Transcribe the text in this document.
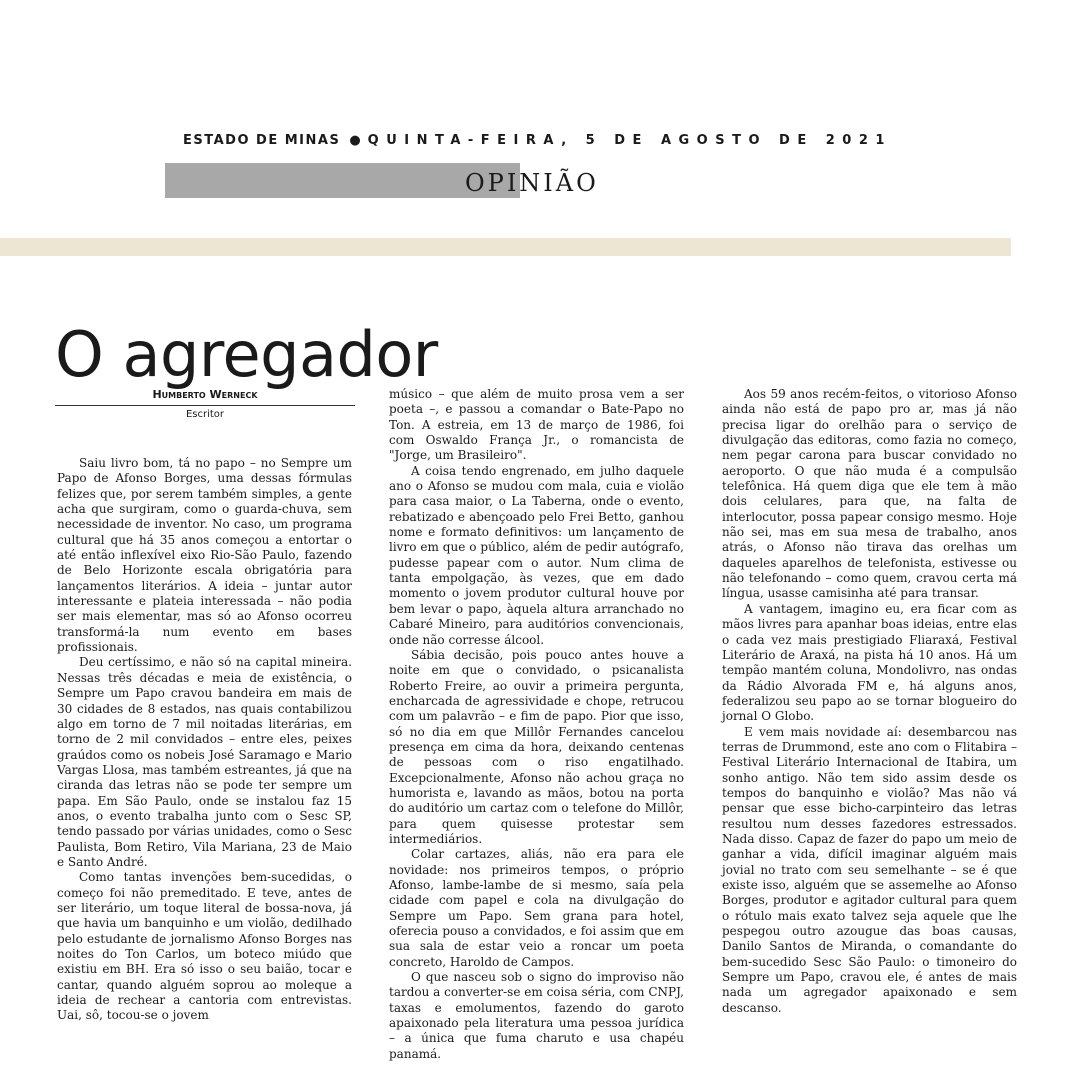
ESTADO DE MINAS ● QUINTA-FEIRA, 5 DE AGOSTO DE 2021
OPINIÃO
O agregador
Humberto Werneck
Escritor

Saiu livro bom, tá no papo – no Sempre um Papo de Afonso Borges, uma dessas fórmulas felizes que, por serem também simples, a gente acha que surgiram, como o guarda-chuva, sem necessidade de inventor. No caso, um programa cultural que há 35 anos começou a entortar o até então inflexível eixo Rio-São Paulo, fazendo de Belo Horizonte escala obrigatória para lançamentos literários. A ideia – juntar autor interessante e plateia interessada – não podia ser mais elementar, mas só ao Afonso ocorreu transformá-la num evento em bases profissionais.

Deu certíssimo, e não só na capital mineira. Nessas três décadas e meia de existência, o Sempre um Papo cravou bandeira em mais de 30 cidades de 8 estados, nas quais contabilizou algo em torno de 7 mil noitadas literárias, em torno de 2 mil convidados – entre eles, peixes graúdos como os nobeis José Saramago e Mario Vargas Llosa, mas também estreantes, já que na ciranda das letras não se pode ter sempre um papa. Em São Paulo, onde se instalou faz 15 anos, o evento trabalha junto com o Sesc SP, tendo passado por várias unidades, como o Sesc Paulista, Bom Retiro, Vila Mariana, 23 de Maio e Santo André.

Como tantas invenções bem-sucedidas, o começo foi não premeditado. E teve, antes de ser literário, um toque literal de bossa-nova, já que havia um banquinho e um violão, dedilhado pelo estudante de jornalismo Afonso Borges nas noites do Ton Carlos, um boteco miúdo que existiu em BH. Era só isso o seu baião, tocar e cantar, quando alguém soprou ao moleque a ideia de rechear a cantoria com entrevistas. Uai, sô, tocou-se o jovem

músico – que além de muito prosa vem a ser poeta –, e passou a comandar o Bate-Papo no Ton. A estreia, em 13 de março de 1986, foi com Oswaldo França Jr., o romancista de "Jorge, um Brasileiro".

A coisa tendo engrenado, em julho daquele ano o Afonso se mudou com mala, cuia e violão para casa maior, o La Taberna, onde o evento, rebatizado e abençoado pelo Frei Betto, ganhou nome e formato definitivos: um lançamento de livro em que o público, além de pedir autógrafo, pudesse papear com o autor. Num clima de tanta empolgação, às vezes, que em dado momento o jovem produtor cultural houve por bem levar o papo, àquela altura arranchado no Cabaré Mineiro, para auditórios convencionais, onde não corresse álcool.

Sábia decisão, pois pouco antes houve a noite em que o convidado, o psicanalista Roberto Freire, ao ouvir a primeira pergunta, encharcada de agressividade e chope, retrucou com um palavrão – e fim de papo. Pior que isso, só no dia em que Millôr Fernandes cancelou presença em cima da hora, deixando centenas de pessoas com o riso engatilhado. Excepcionalmente, Afonso não achou graça no humorista e, lavando as mãos, botou na porta do auditório um cartaz com o telefone do Millôr, para quem quisesse protestar sem intermediários.

Colar cartazes, aliás, não era para ele novidade: nos primeiros tempos, o próprio Afonso, lambe-lambe de si mesmo, saía pela cidade com papel e cola na divulgação do Sempre um Papo. Sem grana para hotel, oferecia pouso a convidados, e foi assim que em sua sala de estar veio a roncar um poeta concreto, Haroldo de Campos.

O que nasceu sob o signo do improviso não tardou a converter-se em coisa séria, com CNPJ, taxas e emolumentos, fazendo do garoto apaixonado pela literatura uma pessoa jurídica – a única que fuma charuto e usa chapéu panamá.

Aos 59 anos recém-feitos, o vitorioso Afonso ainda não está de papo pro ar, mas já não precisa ligar do orelhão para o serviço de divulgação das editoras, como fazia no começo, nem pegar carona para buscar convidado no aeroporto. O que não muda é a compulsão telefônica. Há quem diga que ele tem à mão dois celulares, para que, na falta de interlocutor, possa papear consigo mesmo. Hoje não sei, mas em sua mesa de trabalho, anos atrás, o Afonso não tirava das orelhas um daqueles aparelhos de telefonista, estivesse ou não telefonando – como quem, cravou certa má língua, usasse camisinha até para transar.

A vantagem, imagino eu, era ficar com as mãos livres para apanhar boas ideias, entre elas o cada vez mais prestigiado Fliaraxá, Festival Literário de Araxá, na pista há 10 anos. Há um tempão mantém coluna, Mondolivro, nas ondas da Rádio Alvorada FM e, há alguns anos, federalizou seu papo ao se tornar blogueiro do jornal O Globo.

E vem mais novidade aí: desembarcou nas terras de Drummond, este ano com o Flitabira – Festival Literário Internacional de Itabira, um sonho antigo. Não tem sido assim desde os tempos do banquinho e violão? Mas não vá pensar que esse bicho-carpinteiro das letras resultou num desses fazedores estressados. Nada disso. Capaz de fazer do papo um meio de ganhar a vida, difícil imaginar alguém mais jovial no trato com seu semelhante – se é que existe isso, alguém que se assemelhe ao Afonso Borges, produtor e agitador cultural para quem o rótulo mais exato talvez seja aquele que lhe pespegou outro azougue das boas causas, Danilo Santos de Miranda, o comandante do bem-sucedido Sesc São Paulo: o timoneiro do Sempre um Papo, cravou ele, é antes de mais nada um agregador apaixonado e sem descanso.
